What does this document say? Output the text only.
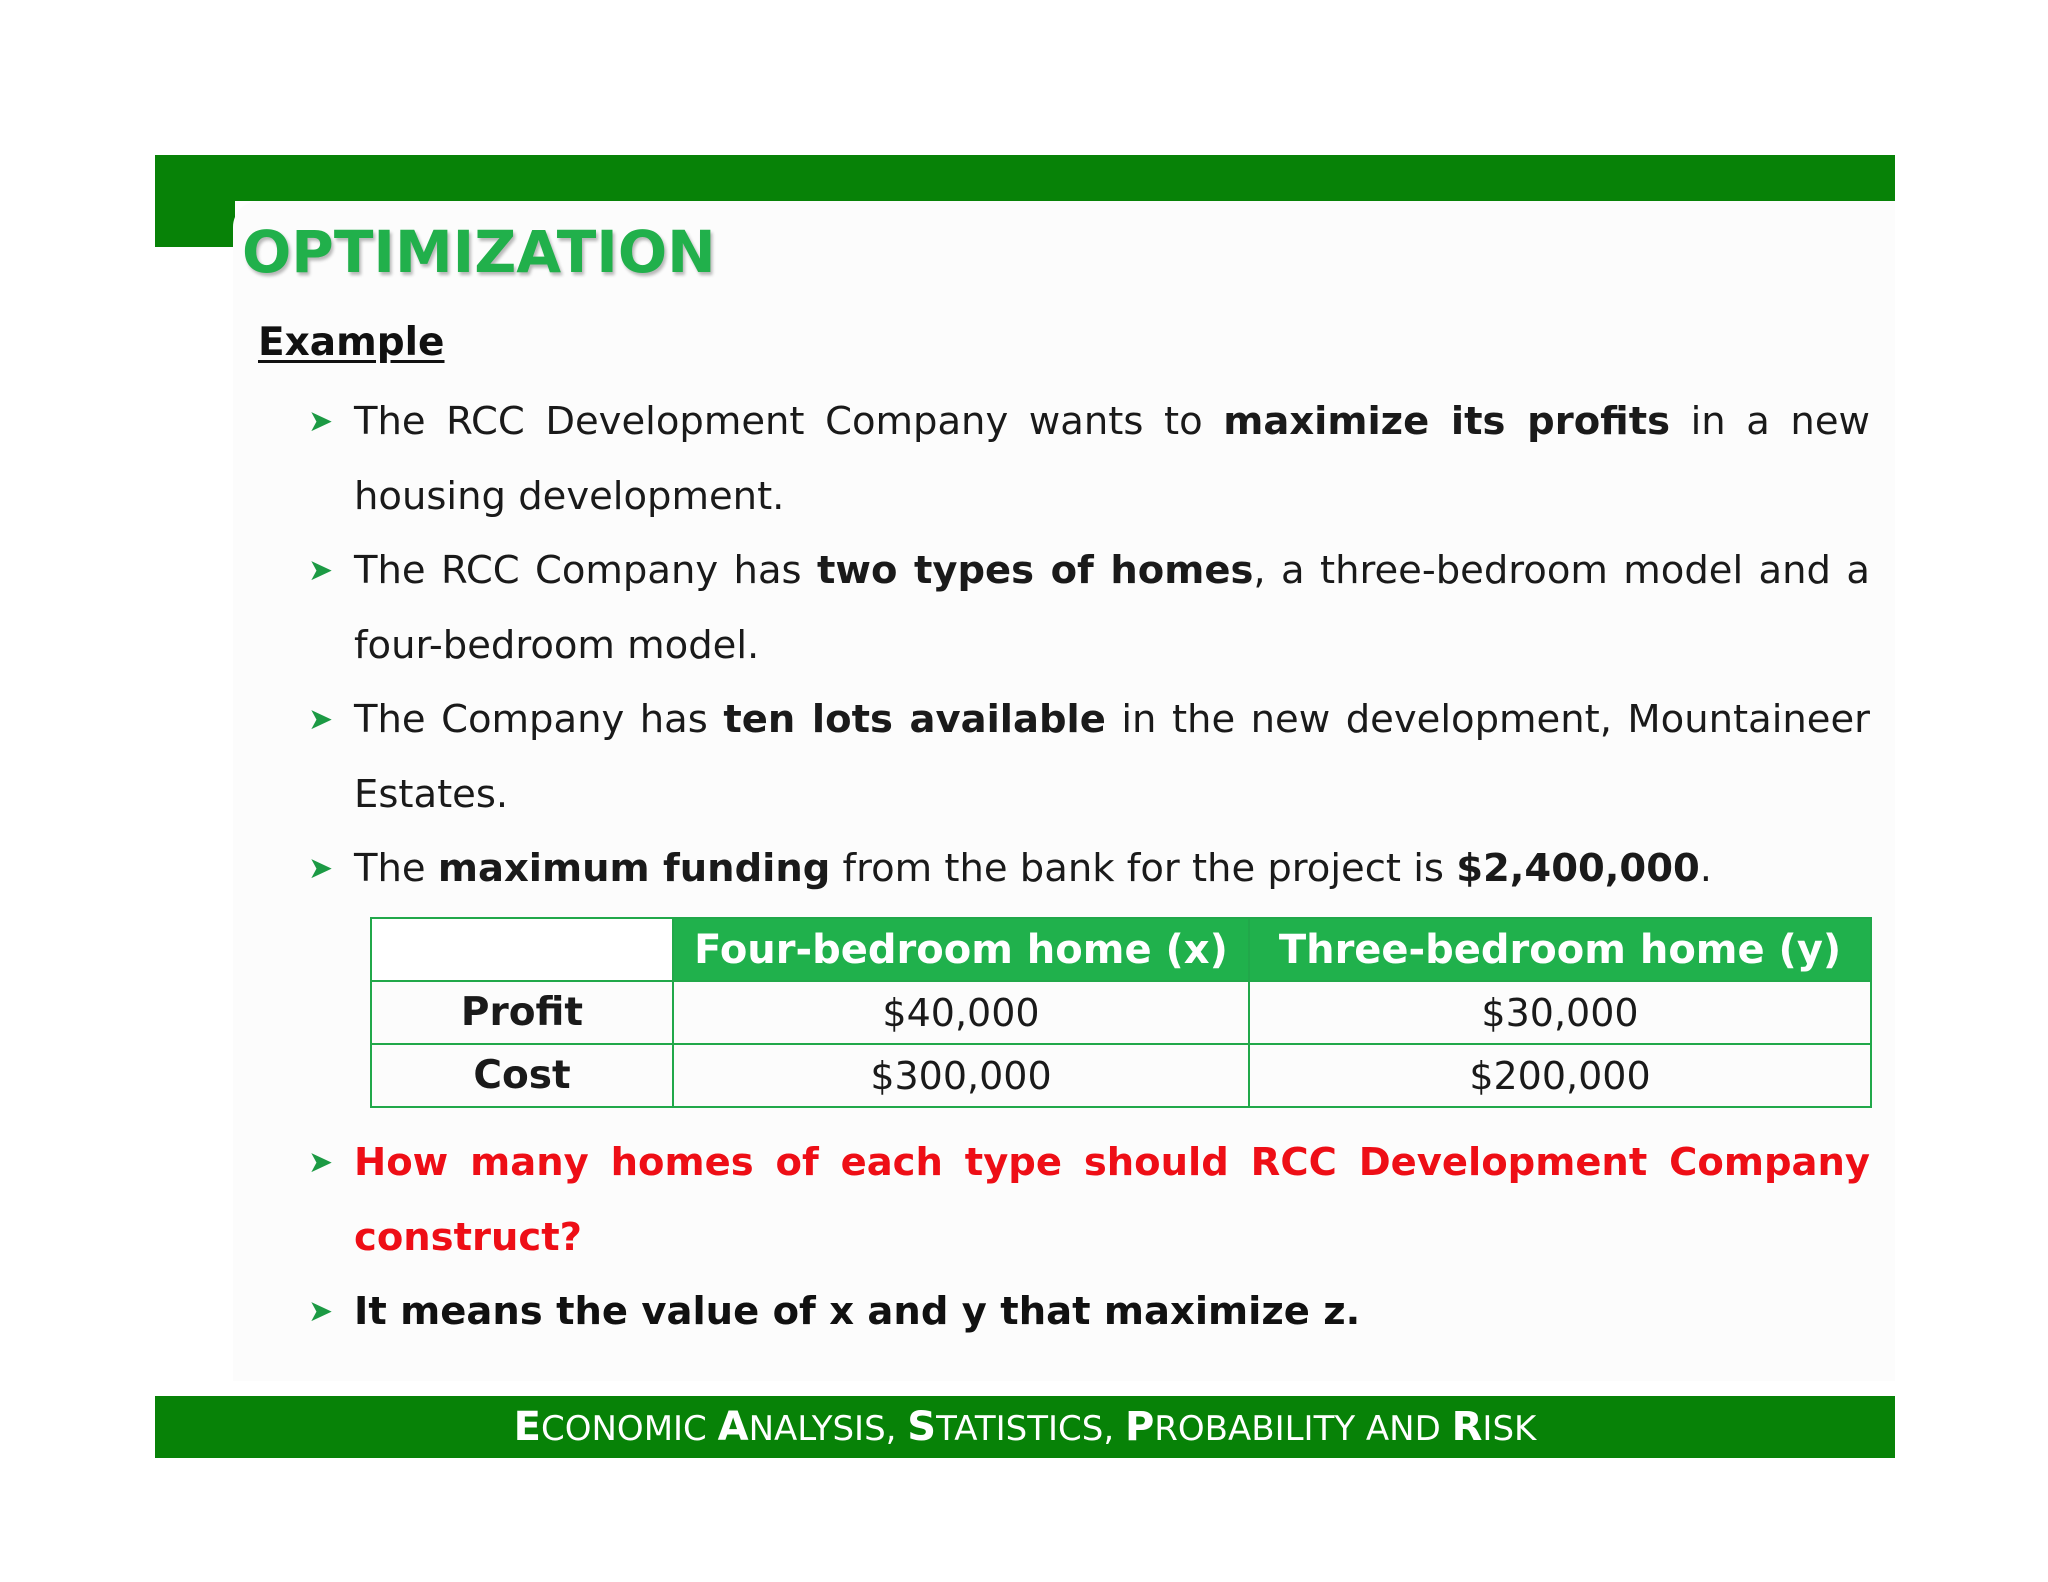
OPTIMIZATION
Example
➤ The RCC Development Company wants to maximize its profits in a new housing development.
➤ The RCC Company has two types of homes, a three-bedroom model and a four-bedroom model.
➤ The Company has ten lots available in the new development, Mountaineer Estates.
➤ The maximum funding from the bank for the project is $2,400,000.
	Four-bedroom home (x)	Three-bedroom home (y)
Profit	$40,000	$30,000
Cost	$300,000	$200,000
➤ How many homes of each type should RCC Development Company construct?
➤ It means the value of x and y that maximize z.
ECONOMIC ANALYSIS, STATISTICS, PROBABILITY AND RISK
